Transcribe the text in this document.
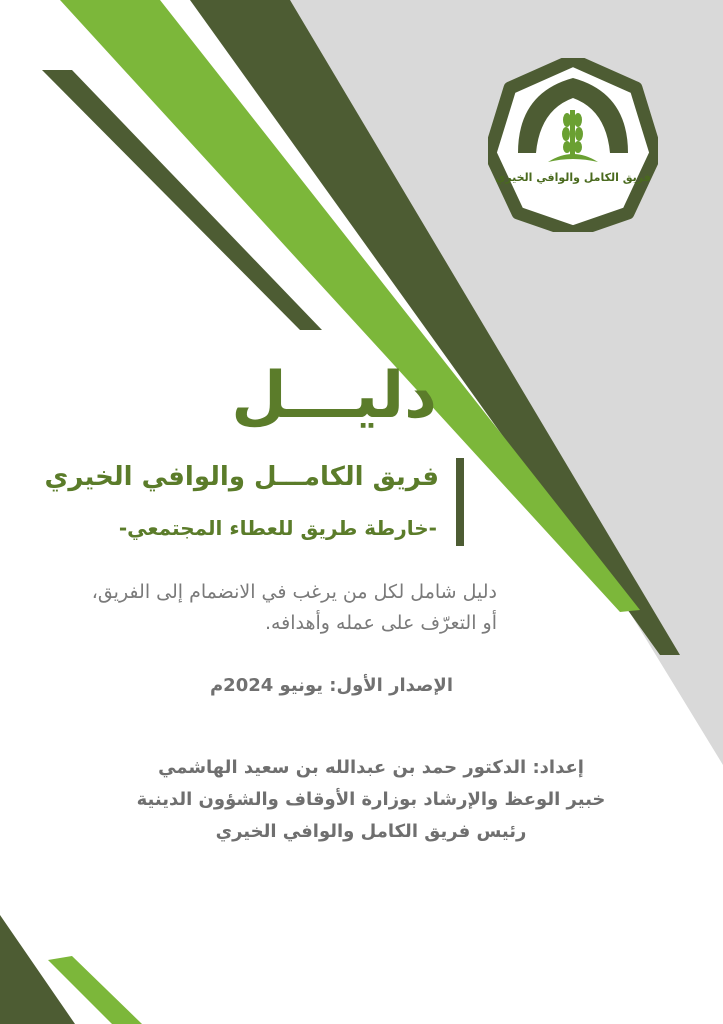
فريق الكامل والوافي الخيري
دليـــل
فريق الكامـــل والوافي الخيري
-خارطة طريق للعطاء المجتمعي-
دليل شامل لكل من يرغب في الانضمام إلى الفريق، أو التعرّف على عمله وأهدافه.
الإصدار الأول: يونيو 2024م
إعداد: الدكتور حمد بن عبدالله بن سعيد الهاشمي
خبير الوعظ والإرشاد بوزارة الأوقاف والشؤون الدينية
رئيس فريق الكامل والوافي الخيري
